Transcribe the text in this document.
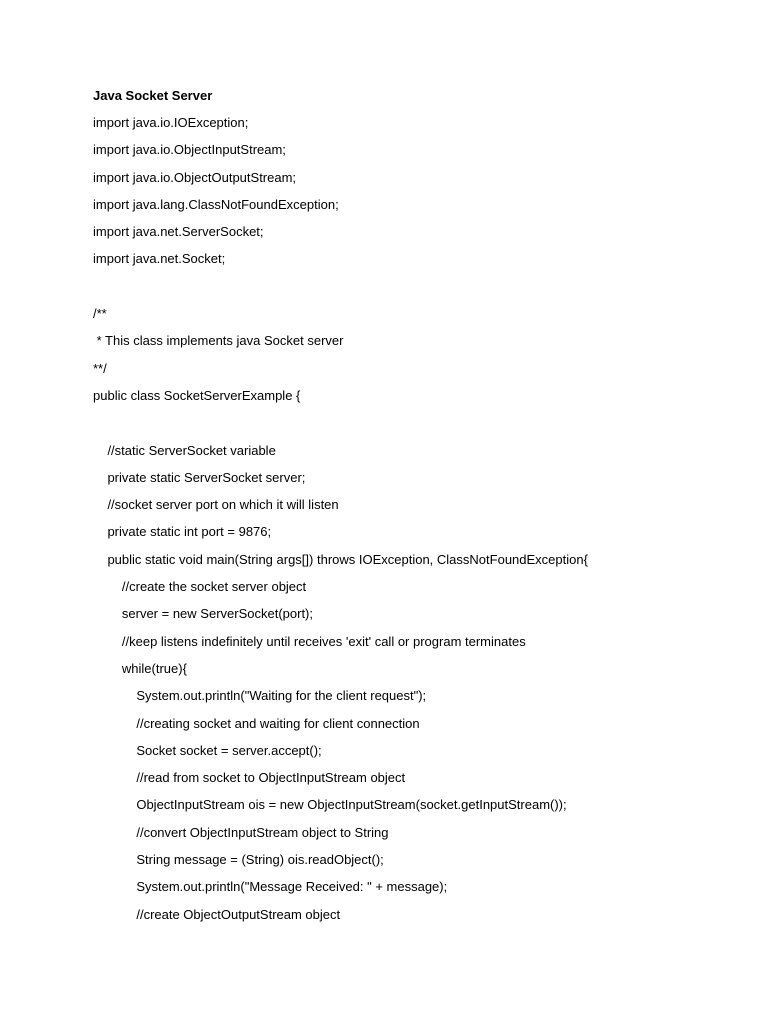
Java Socket Server
import java.io.IOException;
import java.io.ObjectInputStream;
import java.io.ObjectOutputStream;
import java.lang.ClassNotFoundException;
import java.net.ServerSocket;
import java.net.Socket;
/**
* This class implements java Socket server
**/
public class SocketServerExample {
//static ServerSocket variable
private static ServerSocket server;
//socket server port on which it will listen
private static int port = 9876;
public static void main(String args[]) throws IOException, ClassNotFoundException{
//create the socket server object
server = new ServerSocket(port);
//keep listens indefinitely until receives 'exit' call or program terminates
while(true){
System.out.println("Waiting for the client request");
//creating socket and waiting for client connection
Socket socket = server.accept();
//read from socket to ObjectInputStream object
ObjectInputStream ois = new ObjectInputStream(socket.getInputStream());
//convert ObjectInputStream object to String
String message = (String) ois.readObject();
System.out.println("Message Received: " + message);
//create ObjectOutputStream object
